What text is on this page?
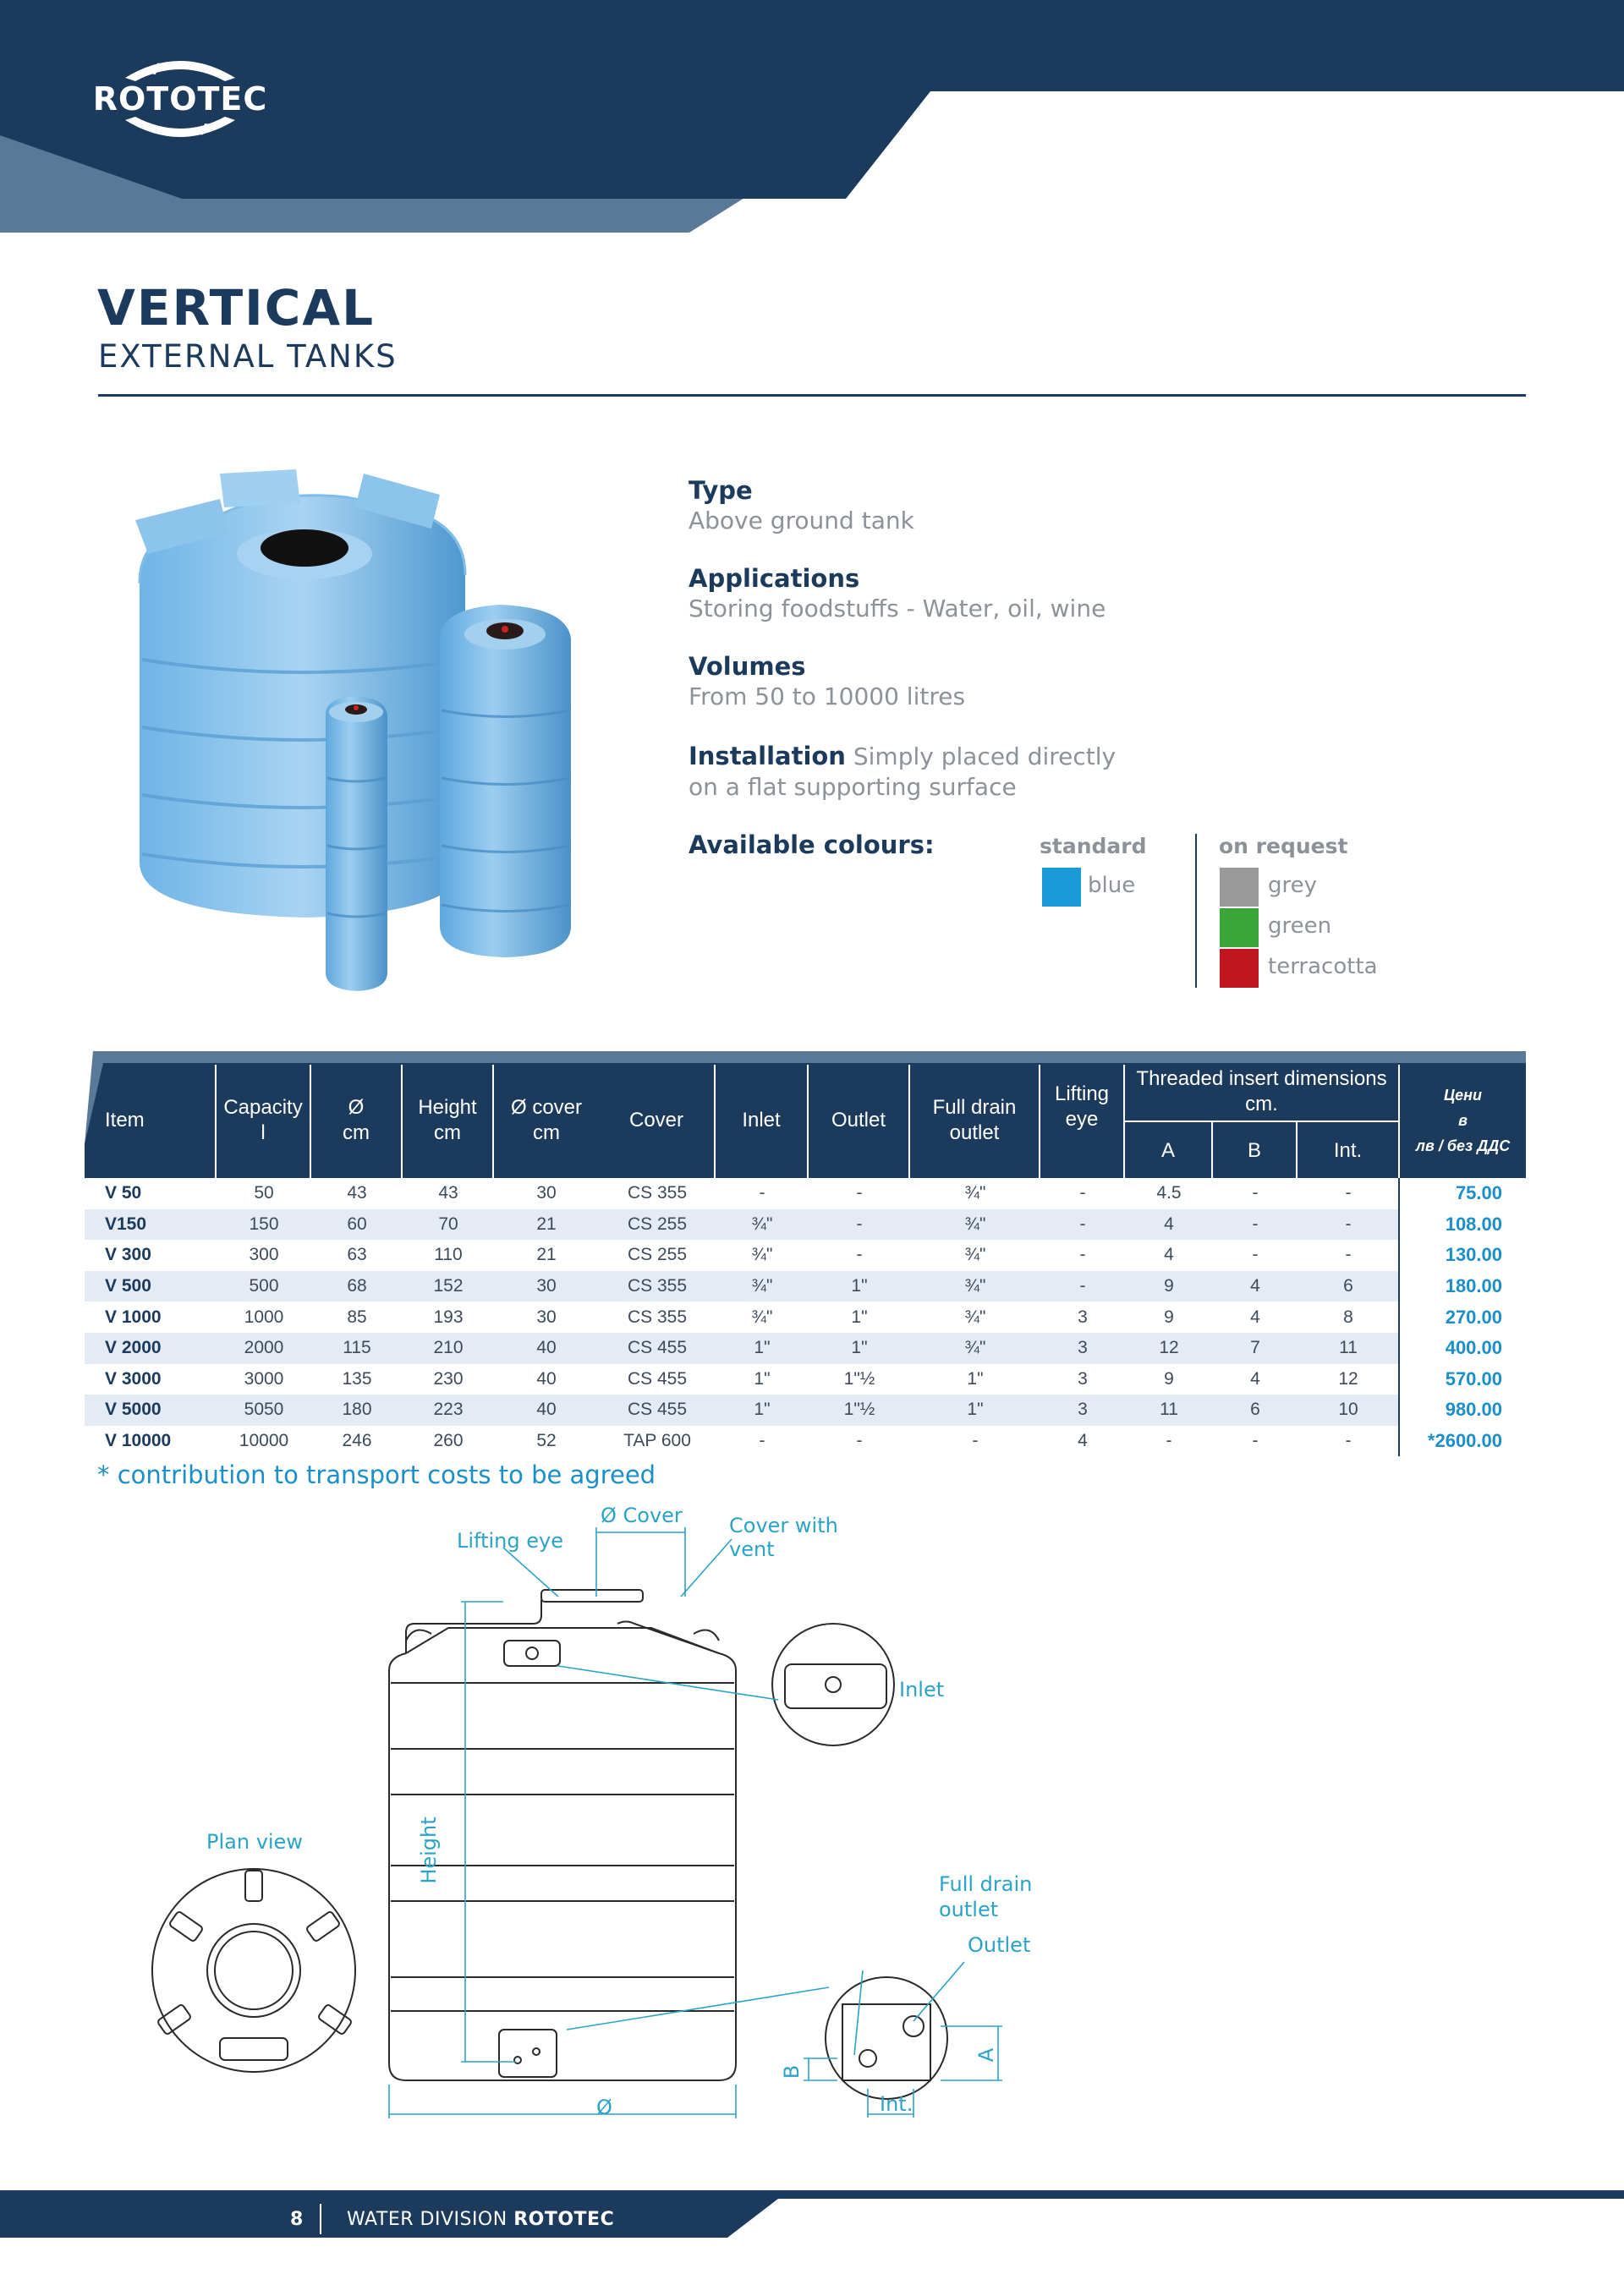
ROTOTEC
VERTICAL
EXTERNAL TANKS
Type
Above ground tank
Applications
Storing foodstuffs - Water, oil, wine
Volumes
From 50 to 10000 litres
Installation Simply placed directly
on a flat supporting surface
Available colours:	standard	on request
blue	grey
green
terracotta
Item
Capacity
l
Ø
cm
Height
cm
Ø cover
cm
Cover	Inlet	Outlet
Full drain
outlet
Lifting
eye
Threaded insert dimensions
cm.
A	B	Int.
Цени
в
лв / без ДДС
V 50	50	43	43	30	CS 355	-	-	¾"	-	4.5	-	-	75.00
V150	150	60	70	21	CS 255	¾"	-	¾"	-	4	-	-	108.00
V 300	300	63	110	21	CS 255	¾"	-	¾"	-	4	-	-	130.00
V 500	500	68	152	30	CS 355	¾"	1"	¾"	-	9	4	6	180.00
V 1000	1000	85	193	30	CS 355	¾"	1"	¾"	3	9	4	8	270.00
V 2000	2000	115	210	40	CS 455	1"	1"	¾"	3	12	7	11	400.00
V 3000	3000	135	230	40	CS 455	1"	1"½	1"	3	9	4	12	570.00
V 5000	5050	180	223	40	CS 455	1"	1"½	1"	3	11	6	10	980.00
V 10000	10000	246	260	52	TAP 600	-	-	-	4	-	-	-	*2600.00
* contribution to transport costs to be agreed
Ø Cover
Lifting eye
Cover with
vent
Inlet
Plan view	Height
Full drain
outlet
Outlet
Ø
A
B
Int.
8 WATER DIVISION ROTOTEC
